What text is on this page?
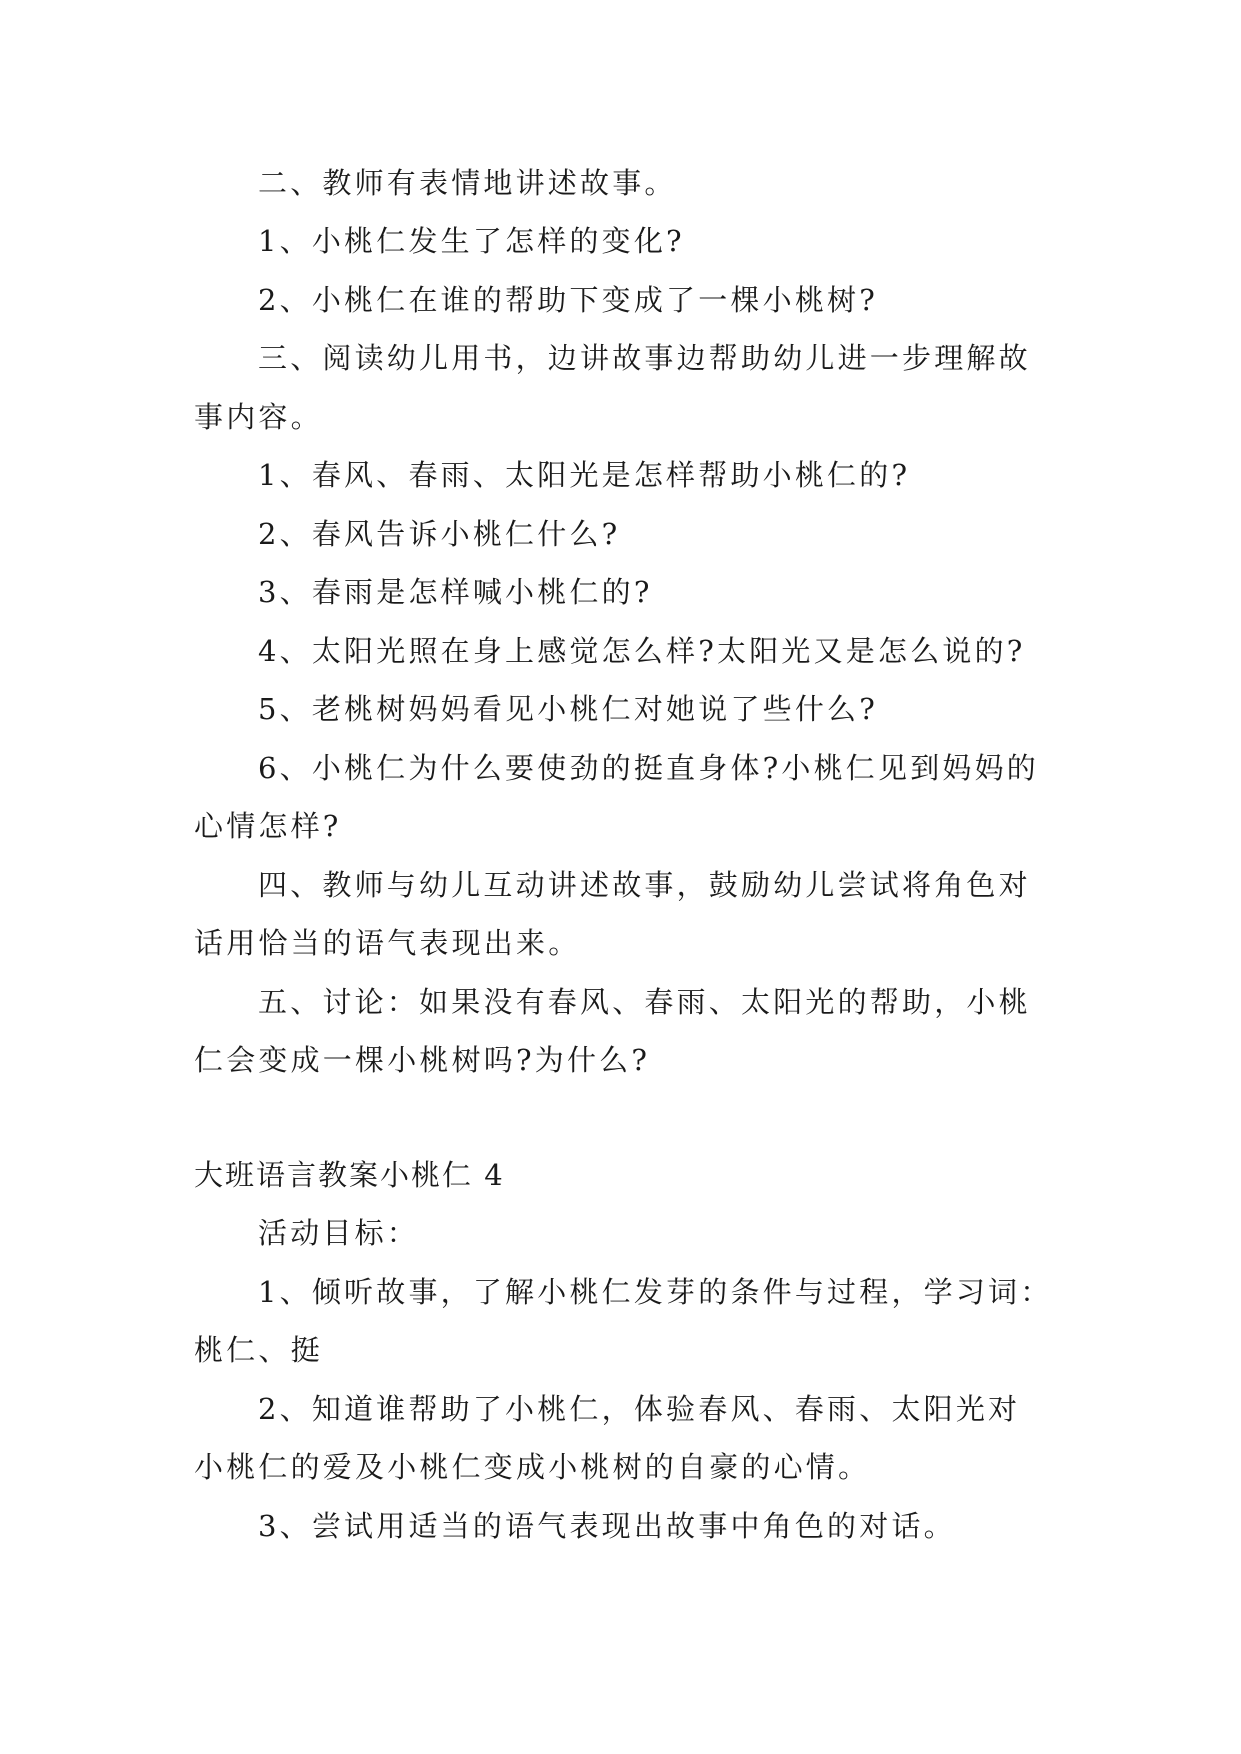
二、教师有表情地讲述故事。
1、小桃仁发生了怎样的变化?
2、小桃仁在谁的帮助下变成了一棵小桃树?
三、阅读幼儿用书，边讲故事边帮助幼儿进一步理解故
事内容。
1、春风、春雨、太阳光是怎样帮助小桃仁的?
2、春风告诉小桃仁什么?
3、春雨是怎样喊小桃仁的?
4、太阳光照在身上感觉怎么样?太阳光又是怎么说的?
5、老桃树妈妈看见小桃仁对她说了些什么?
6、小桃仁为什么要使劲的挺直身体?小桃仁见到妈妈的
心情怎样?
四、教师与幼儿互动讲述故事，鼓励幼儿尝试将角色对
话用恰当的语气表现出来。
五、讨论：如果没有春风、春雨、太阳光的帮助，小桃
仁会变成一棵小桃树吗?为什么?
大班语言教案小桃仁 4
活动目标：
1、倾听故事，了解小桃仁发芽的条件与过程，学习词：
桃仁、挺
2、知道谁帮助了小桃仁，体验春风、春雨、太阳光对
小桃仁的爱及小桃仁变成小桃树的自豪的心情。
3、尝试用适当的语气表现出故事中角色的对话。
